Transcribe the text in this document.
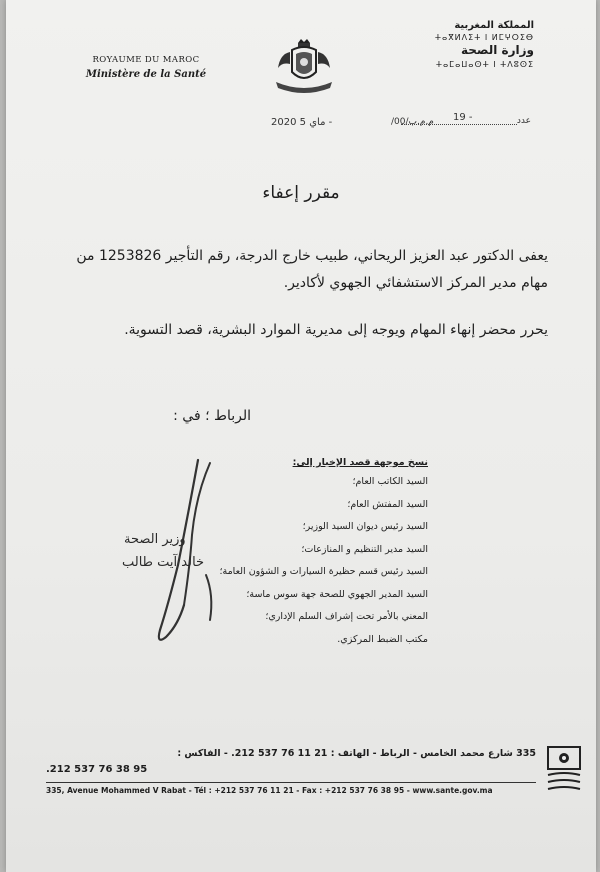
ROYAUME DU MAROC
Ministère de la Santé
المملكة المغربية
ⵜⴰⴳⵍⴷⵉⵜ ⵏ ⵍⵎⵖⵔⵉⴱ
وزارة الصحة
ⵜⴰⵎⴰⵡⴰⵙⵜ ⵏ ⵜⴷⵓⵙⵉ
2020 ﻣﺎي 5 -	/م.م.ب/00 19 -	عدد
مقرر إعفاء
يعفى الدكتور عبد العزيز الريحاني، طبيب خارج الدرجة، رقم التأجير 1253826 من
مهام مدير المركز الاستشفائي الجهوي لأكادير.
يحرر محضر إنهاء المهام ويوجه إلى مديرية الموارد البشرية، قصد التسوية.
الرباط ؛ في :
نسخ موجهة قصد الإخبار إلى:
السيد الكاتب العام؛
السيد المفتش العام؛
السيد رئيس ديوان السيد الوزير؛
السيد مدير التنظيم و المنازعات؛
السيد رئيس قسم حظيرة السيارات و الشؤون العامة؛
السيد المدير الجهوي للصحة جهة سوس ماسة؛
المعني بالأمر تحت إشراف السلم الإداري؛
مكتب الضبط المركزي.
وزير الصحة
خالد آيت طالب
335 شارع محمد الخامس - الرباط - الهاتف : 21 11 76 537 212. - الفاكس :
.212 537 76 38 95
335, Avenue Mohammed V Rabat - Tél : +212 537 76 11 21 - Fax : +212 537 76 38 95 - www.sante.gov.ma
